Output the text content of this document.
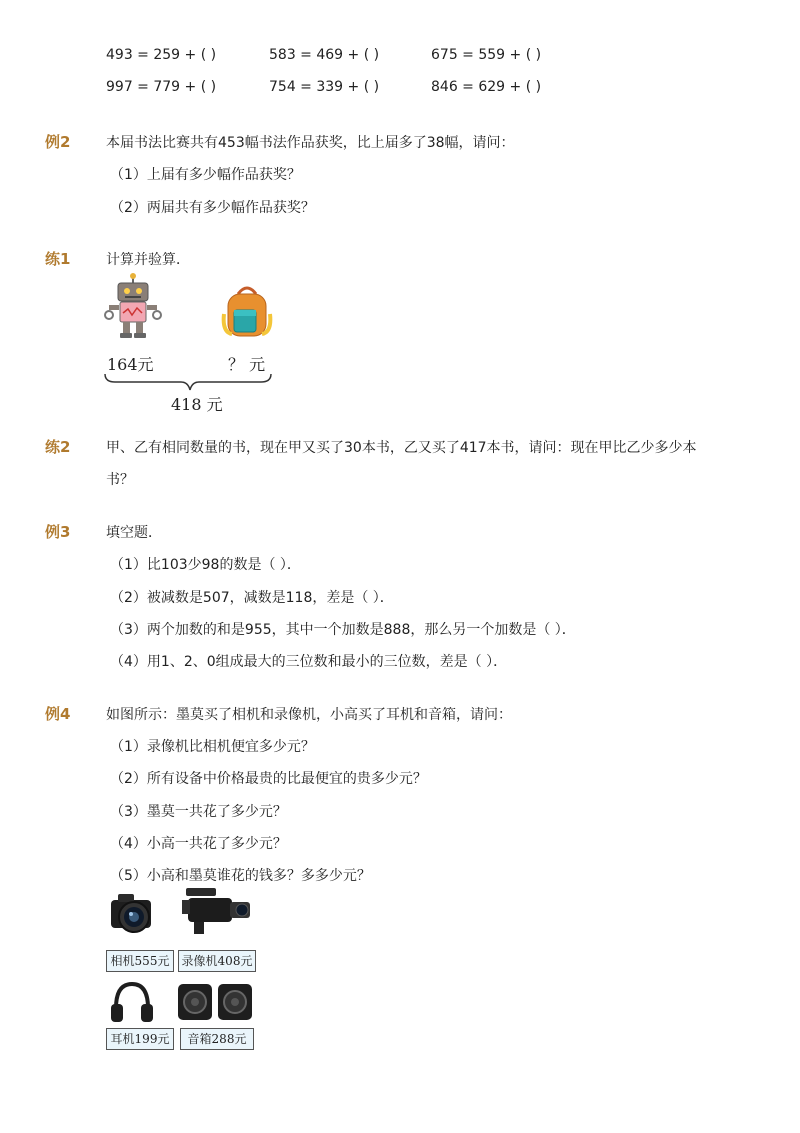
493 = 259 + ( )	583 = 469 + ( )	675 = 559 + ( )
997 = 779 + ( )	754 = 339 + ( )	846 = 629 + ( )
例2	本届书法比赛共有453幅书法作品获奖，比上届多了38幅，请问：
（1）上届有多少幅作品获奖？
（2）两届共有多少幅作品获奖？
练1	计算并验算．
164元	？ 元
418 元
练2	甲、乙有相同数量的书，现在甲又买了30本书，乙又买了417本书，请问：现在甲比乙少多少本
书？
例3	填空题．
（1）比103少98的数是（ ）．
（2）被减数是507，减数是118，差是（ ）．
（3）两个加数的和是955，其中一个加数是888，那么另一个加数是（ ）．
（4）用1、2、0组成最大的三位数和最小的三位数，差是（ ）．
例4	如图所示：墨莫买了相机和录像机，小高买了耳机和音箱，请问：
（1）录像机比相机便宜多少元？
（2）所有设备中价格最贵的比最便宜的贵多少元？
（3）墨莫一共花了多少元？
（4）小高一共花了多少元？
（5）小高和墨莫谁花的钱多？多多少元？
相机555元	录像机408元
耳机199元	音箱288元
